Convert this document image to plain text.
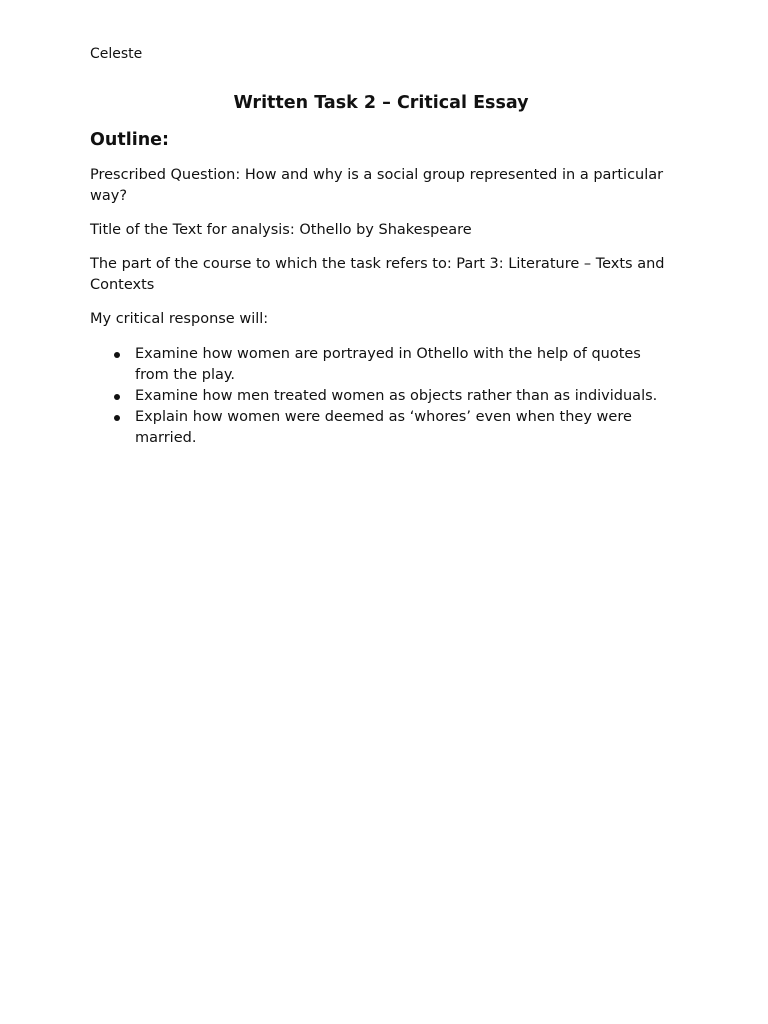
Celeste

Written Task 2 – Critical Essay
Outline:

Prescribed Question: How and why is a social group represented in a particular way?

Title of the Text for analysis: Othello by Shakespeare

The part of the course to which the task refers to: Part 3: Literature – Texts and Contexts

My critical response will:

Examine how women are portrayed in Othello with the help of quotes from the play.
Examine how men treated women as objects rather than as individuals.
Explain how women were deemed as ‘whores’ even when they were married.
